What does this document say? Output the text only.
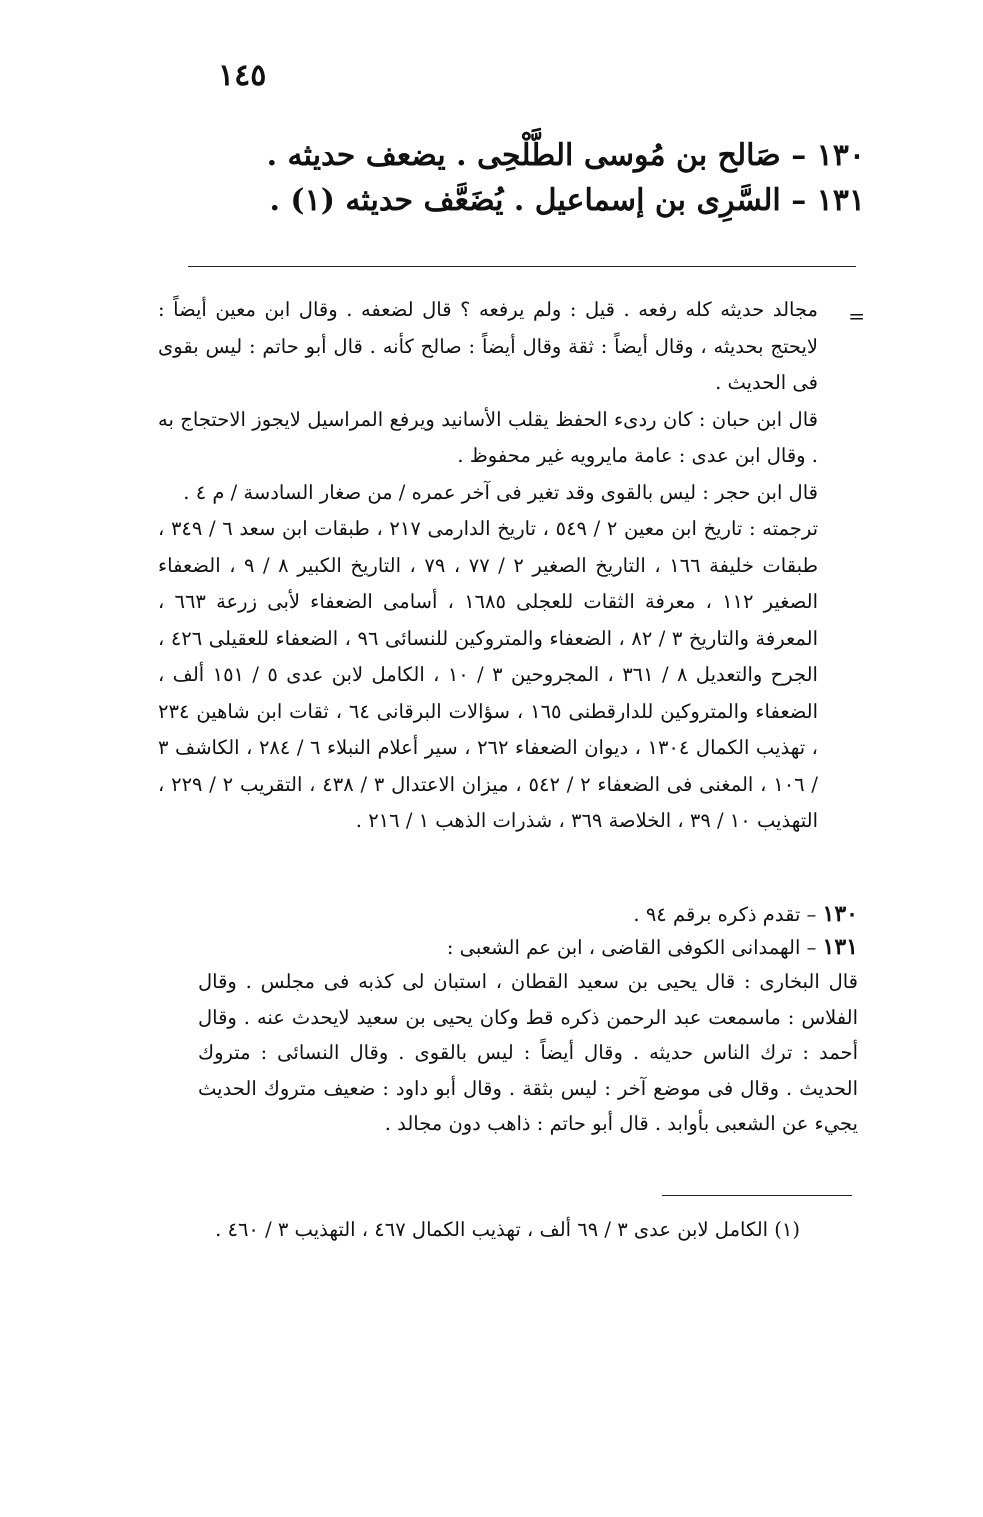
١٤٥
١٣٠ – صَالح بن مُوسى الطَّلْحِى . يضعف حديثه .
١٣١ – السَّرِى بن إسماعيل . يُضَعَّف حديثه (١) .
=

مجالد حديثه كله رفعه . قيل : ولم يرفعه ؟ قال لضعفه . وقال ابن معين أيضاً : لايحتج بحديثه ، وقال أيضاً : ثقة وقال أيضاً : صالح كأنه . قال أبو حاتم : ليس بقوى فى الحديث .

قال ابن حبان : كان ردىء الحفظ يقلب الأسانيد ويرفع المراسيل لايجوز الاحتجاج به . وقال ابن عدى : عامة مايرويه غير محفوظ .

قال ابن حجر : ليس بالقوى وقد تغير فى آخر عمره / من صغار السادسة / م ٤ .

ترجمته : تاريخ ابن معين ٢ / ٥٤٩ ، تاريخ الدارمى ٢١٧ ، طبقات ابن سعد ٦ / ٣٤٩ ، طبقات خليفة ١٦٦ ، التاريخ الصغير ٢ / ٧٧ ، ٧٩ ، التاريخ الكبير ٨ / ٩ ، الضعفاء الصغير ١١٢ ، معرفة الثقات للعجلى ١٦٨٥ ، أسامى الضعفاء لأبى زرعة ٦٦٣ ، المعرفة والتاريخ ٣ / ٨٢ ، الضعفاء والمتروكين للنسائى ٩٦ ، الضعفاء للعقيلى ٤٢٦ ، الجرح والتعديل ٨ / ٣٦١ ، المجروحين ٣ / ١٠ ، الكامل لابن عدى ٥ / ١٥١ ألف ، الضعفاء والمتروكين للدارقطنى ١٦٥ ، سؤالات البرقانى ٦٤ ، ثقات ابن شاهين ٢٣٤ ، تهذيب الكمال ١٣٠٤ ، ديوان الضعفاء ٢٦٢ ، سير أعلام النبلاء ٦ / ٢٨٤ ، الكاشف ٣ / ١٠٦ ، المغنى فى الضعفاء ٢ / ٥٤٢ ، ميزان الاعتدال ٣ / ٤٣٨ ، التقريب ٢ / ٢٢٩ ، التهذيب ١٠ / ٣٩ ، الخلاصة ٣٦٩ ، شذرات الذهب ١ / ٢١٦ .

١٣٠ – تقدم ذكره برقم ٩٤ .
١٣١ – الهمدانى الكوفى القاضى ، ابن عم الشعبى :
قال البخارى : قال يحيى بن سعيد القطان ، استبان لى كذبه فى مجلس . وقال الفلاس : ماسمعت عبد الرحمن ذكره قط وكان يحيى بن سعيد لايحدث عنه . وقال أحمد : ترك الناس حديثه . وقال أيضاً : ليس بالقوى . وقال النسائى : متروك الحديث . وقال فى موضع آخر : ليس بثقة . وقال أبو داود : ضعيف متروك الحديث يجيء عن الشعبى بأوابد . قال أبو حاتم : ذاهب دون مجالد .
(١) الكامل لابن عدى ٣ / ٦٩ ألف ، تهذيب الكمال ٤٦٧ ، التهذيب ٣ / ٤٦٠ .
